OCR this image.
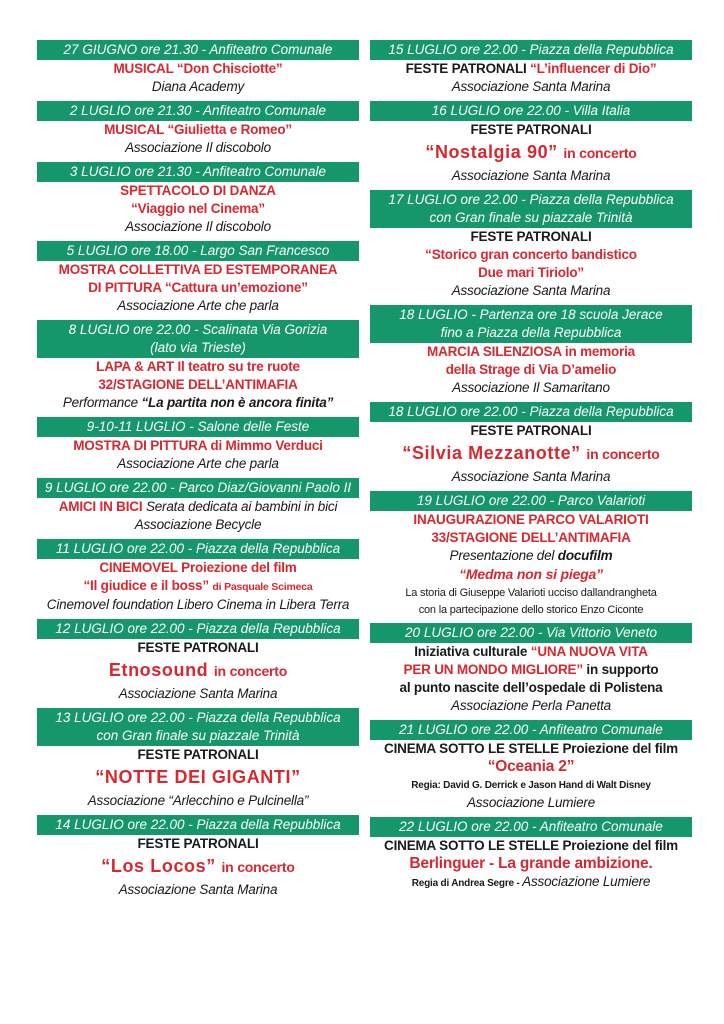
27 GIUGNO ore 21.30 - Anfiteatro Comunale
MUSICAL “Don Chisciotte”
Diana Academy
2 LUGLIO ore 21.30 - Anfiteatro Comunale
MUSICAL “Giulietta e Romeo”
Associazione Il discobolo
3 LUGLIO ore 21.30 - Anfiteatro Comunale
SPETTACOLO DI DANZA
“Viaggio nel Cinema”
Associazione Il discobolo
5 LUGLIO ore 18.00 - Largo San Francesco
MOSTRA COLLETTIVA ED ESTEMPORANEA
DI PITTURA “Cattura un’emozione”
Associazione Arte che parla
8 LUGLIO ore 22.00 - Scalinata Via Gorizia
(lato via Trieste)
LAPA & ART Il teatro su tre ruote
32/STAGIONE DELL’ANTIMAFIA
Performance “La partita non è ancora finita”
9-10-11 LUGLIO - Salone delle Feste
MOSTRA DI PITTURA di Mimmo Verduci
Associazione Arte che parla
9 LUGLIO ore 22.00 - Parco Diaz/Giovanni Paolo II
AMICI IN BICI Serata dedicata ai bambini in bici
Associazione Becycle
11 LUGLIO ore 22.00 - Piazza della Repubblica
CINEMOVEL Proiezione del film
“Il giudice e il boss” di Pasquale Scimeca
Cinemovel foundation Libero Cinema in Libera Terra
12 LUGLIO ore 22.00 - Piazza della Repubblica
FESTE PATRONALI
Etnosound in concerto
Associazione Santa Marina
13 LUGLIO ore 22.00 - Piazza della Repubblica
con Gran finale su piazzale Trinità
FESTE PATRONALI
“NOTTE DEI GIGANTI”
Associazione “Arlecchino e Pulcinella”
14 LUGLIO ore 22.00 - Piazza della Repubblica
FESTE PATRONALI
“Los Locos” in concerto
Associazione Santa Marina
15 LUGLIO ore 22.00 - Piazza della Repubblica
FESTE PATRONALI “L’influencer di Dio”
Associazione Santa Marina
16 LUGLIO ore 22.00 - Villa Italia
FESTE PATRONALI
“Nostalgia 90” in concerto
Associazione Santa Marina
17 LUGLIO ore 22.00 - Piazza della Repubblica
con Gran finale su piazzale Trinità
FESTE PATRONALI
“Storico gran concerto bandistico
Due mari Tiriolo”
Associazione Santa Marina
18 LUGLIO - Partenza ore 18 scuola Jerace
fino a Piazza della Repubblica
MARCIA SILENZIOSA in memoria
della Strage di Via D’amelio
Associazione Il Samaritano
18 LUGLIO ore 22.00 - Piazza della Repubblica
FESTE PATRONALI
“Silvia Mezzanotte” in concerto
Associazione Santa Marina
19 LUGLIO ore 22.00 - Parco Valarioti
INAUGURAZIONE PARCO VALARIOTI
33/STAGIONE DELL’ANTIMAFIA
Presentazione del docufilm
“Medma non si piega”
La storia di Giuseppe Valarioti ucciso dallandrangheta
con la partecipazione dello storico Enzo Ciconte
20 LUGLIO ore 22.00 - Via Vittorio Veneto
Iniziativa culturale “UNA NUOVA VITA
PER UN MONDO MIGLIORE” in supporto
al punto nascite dell’ospedale di Polistena
Associazione Perla Panetta
21 LUGLIO ore 22.00 - Anfiteatro Comunale
CINEMA SOTTO LE STELLE Proiezione del film
“Oceania 2”
Regia: David G. Derrick e Jason Hand di Walt Disney
Associazione Lumiere
22 LUGLIO ore 22.00 - Anfiteatro Comunale
CINEMA SOTTO LE STELLE Proiezione del film
Berlinguer - La grande ambizione.
Regia di Andrea Segre - Associazione Lumiere
